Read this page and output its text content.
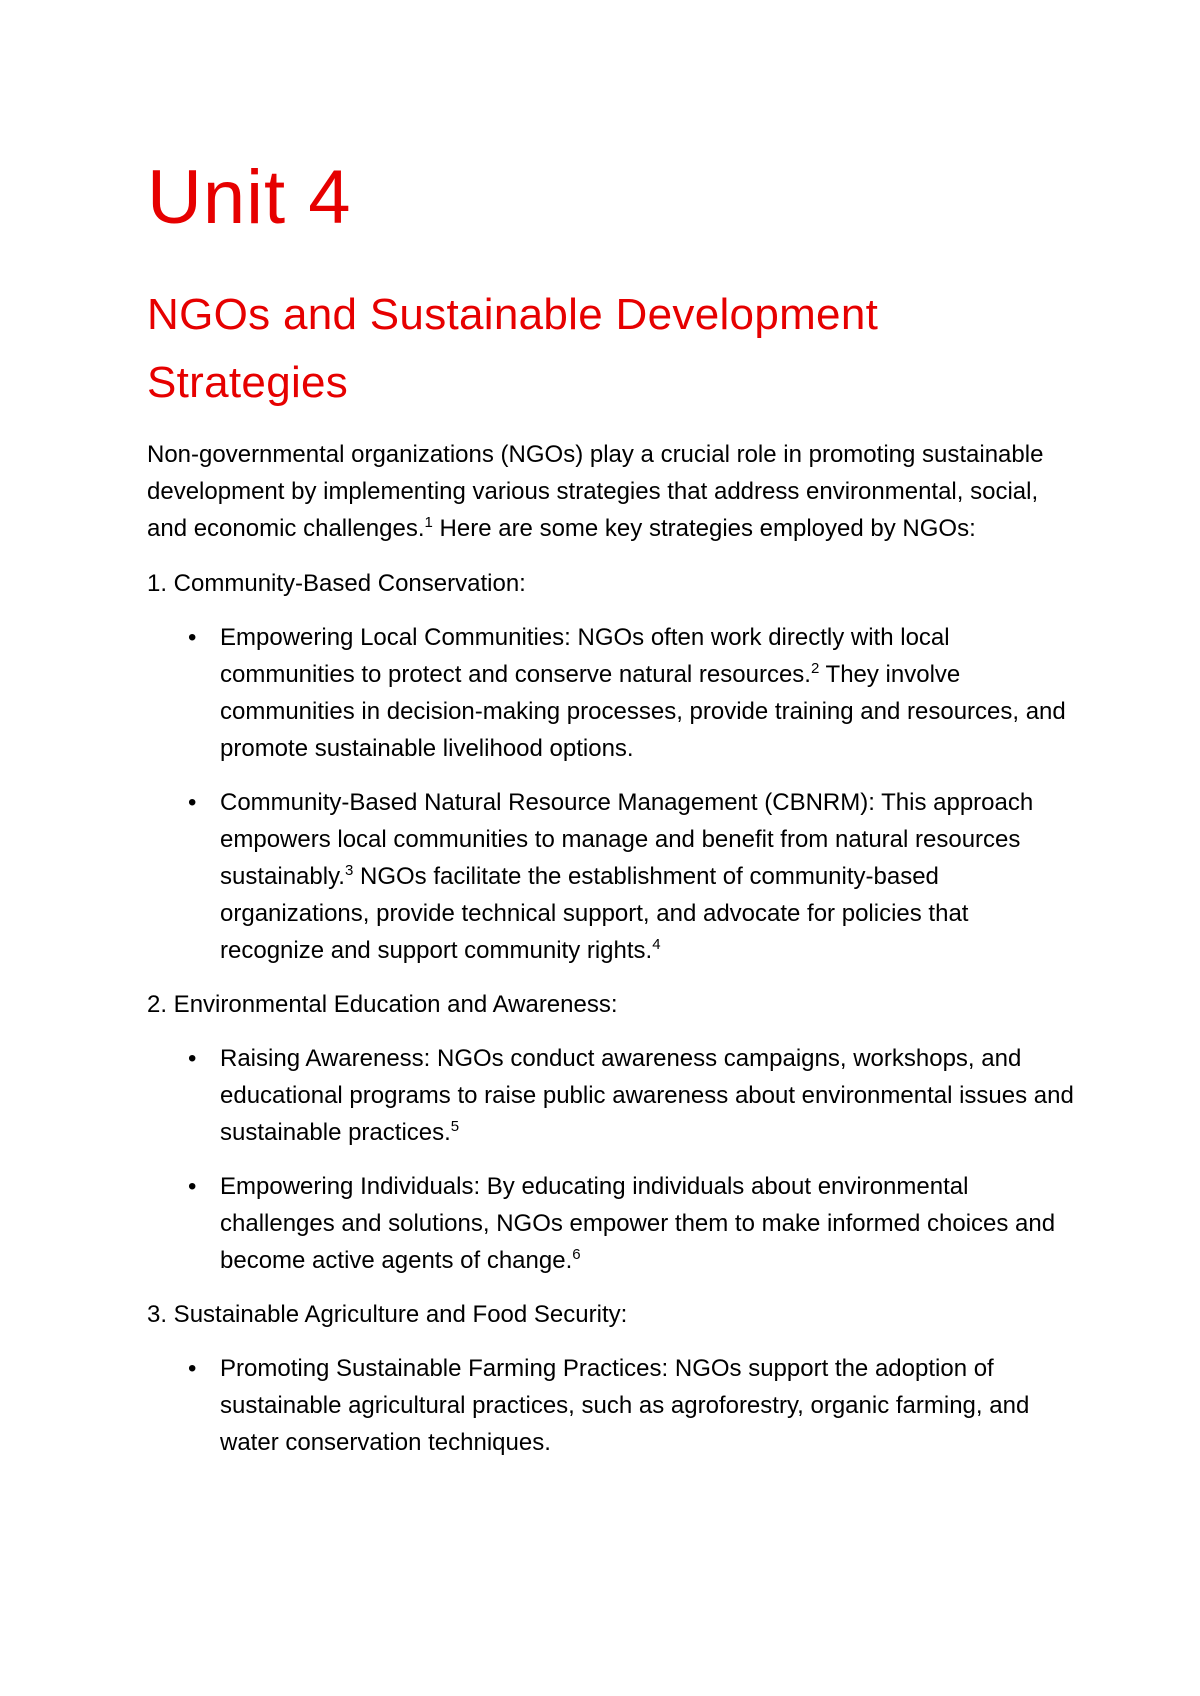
Unit 4
NGOs and Sustainable Development Strategies

Non-governmental organizations (NGOs) play a crucial role in promoting sustainable development by implementing various strategies that address environmental, social, and economic challenges.$^1$ Here are some key strategies employed by NGOs:

1. Community-Based Conservation:

• Empowering Local Communities: NGOs often work directly with local communities to protect and conserve natural resources.$^2$ They involve communities in decision-making processes, provide training and resources, and promote sustainable livelihood options.
• Community-Based Natural Resource Management (CBNRM): This approach empowers local communities to manage and benefit from natural resources sustainably.$^3$ NGOs facilitate the establishment of community-based organizations, provide technical support, and advocate for policies that recognize and support community rights.$^4$

2. Environmental Education and Awareness:

• Raising Awareness: NGOs conduct awareness campaigns, workshops, and educational programs to raise public awareness about environmental issues and sustainable practices.$^5$
• Empowering Individuals: By educating individuals about environmental challenges and solutions, NGOs empower them to make informed choices and become active agents of change.$^6$

3. Sustainable Agriculture and Food Security:

• Promoting Sustainable Farming Practices: NGOs support the adoption of sustainable agricultural practices, such as agroforestry, organic farming, and water conservation techniques.
